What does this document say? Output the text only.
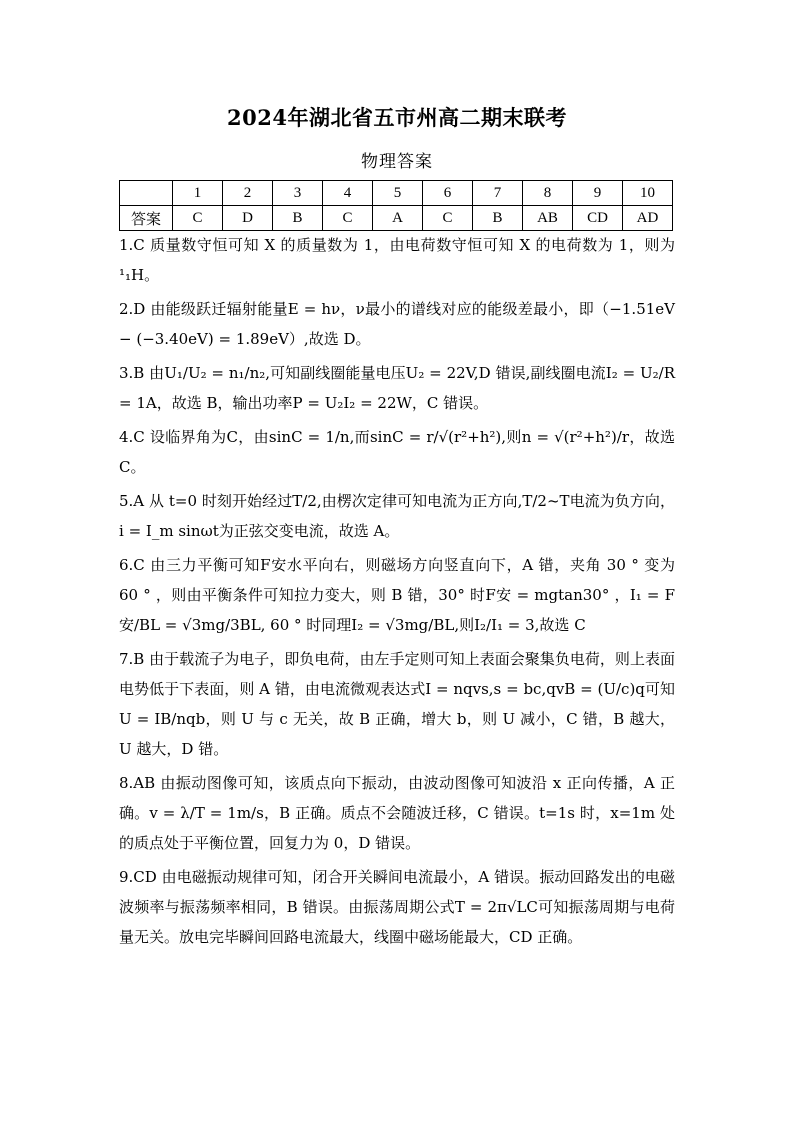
2024年湖北省五市州高二期末联考
物理答案
	1	2	3	4	5	6	7	8	9	10
答案	C	D	B	C	A	C	B	AB	CD	AD

1.C 质量数守恒可知 X 的质量数为 1，由电荷数守恒可知 X 的电荷数为 1，则为¹₁H。

2.D 由能级跃迁辐射能量E = hν，ν最小的谱线对应的能级差最小，即（−1.51eV − (−3.40eV) = 1.89eV）,故选 D。

3.B 由U₁/U₂ = n₁/n₂,可知副线圈能量电压U₂ = 22V,D 错误,副线圈电流I₂ = U₂/R = 1A，故选 B，输出功率P = U₂I₂ = 22W，C 错误。

4.C 设临界角为C，由sinC = 1/n,而sinC = r/√(r²+h²),则n = √(r²+h²)/r，故选 C。

5.A 从 t=0 时刻开始经过T/2,由楞次定律可知电流为正方向,T/2~T电流为负方向，i = I_m sinωt为正弦交变电流，故选 A。

6.C 由三力平衡可知F安水平向右，则磁场方向竖直向下，A 错，夹角 30 ° 变为 60 ° ，则由平衡条件可知拉力变大，则 B 错，30° 时F安 = mgtan30° ，I₁ = F安/BL = √3mg/3BL, 60 ° 时同理I₂ = √3mg/BL,则I₂/I₁ = 3,故选 C

7.B 由于载流子为电子，即负电荷，由左手定则可知上表面会聚集负电荷，则上表面电势低于下表面，则 A 错，由电流微观表达式I = nqvs,s = bc,qvB = (U/c)q可知U = IB/nqb，则 U 与 c 无关，故 B 正确，增大 b，则 U 减小，C 错，B 越大，U 越大，D 错。

8.AB 由振动图像可知，该质点向下振动，由波动图像可知波沿 x 正向传播，A 正确。v = λ/T = 1m/s，B 正确。质点不会随波迁移，C 错误。t=1s 时，x=1m 处的质点处于平衡位置，回复力为 0，D 错误。

9.CD 由电磁振动规律可知，闭合开关瞬间电流最小，A 错误。振动回路发出的电磁波频率与振荡频率相同，B 错误。由振荡周期公式T = 2π√LC可知振荡周期与电荷量无关。放电完毕瞬间回路电流最大，线圈中磁场能最大，CD 正确。
